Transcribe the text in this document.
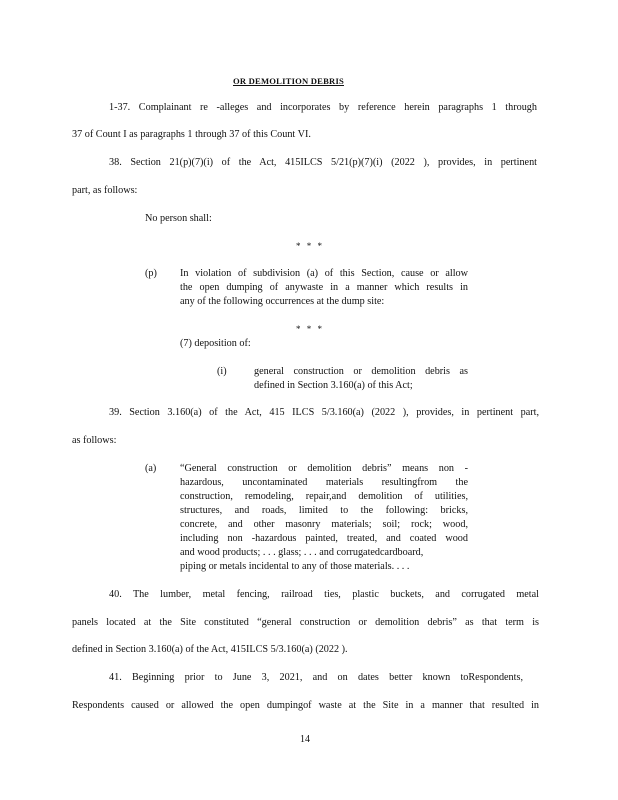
OR DEMOLITION DEBRIS
1-37. Complainant re -alleges and incorporates by reference herein paragraphs 1 through
37 of Count I as paragraphs 1 through 37 of this Count VI.
38. Section 21(p)(7)(i) of the Act, 415ILCS 5/21(p)(7)(i) (2022 ), provides, in pertinent
part, as follows:
No person shall:
* * *
(p) In violation of subdivision (a) of this Section, cause or allow
the open dumping of anywaste in a manner which results in
any of the following occurrences at the dump site:
* * *
(7) deposition of:
(i)	general construction or demolition debris as
defined in Section 3.160(a) of this Act;
39. Section 3.160(a) of the Act, 415 ILCS 5/3.160(a) (2022 ), provides, in pertinent part,
as follows:
(a) “General construction or demolition debris” means non -
hazardous, uncontaminated materials resultingfrom the
construction, remodeling, repair,and demolition of utilities,
structures, and roads, limited to the following: bricks,
concrete, and other masonry materials; soil; rock; wood,
including non -hazardous painted, treated, and coated wood
and wood products; . . . glass; . . . and corrugatedcardboard,
piping or metals incidental to any of those materials. . . .
40. The lumber, metal fencing, railroad ties, plastic buckets, and corrugated metal
panels located at the Site constituted “general construction or demolition debris” as that term is
defined in Section 3.160(a) of the Act, 415ILCS 5/3.160(a) (2022 ).
41. Beginning prior to June 3, 2021, and on dates better known toRespondents,
Respondents caused or allowed the open dumpingof waste at the Site in a manner that resulted in
14
